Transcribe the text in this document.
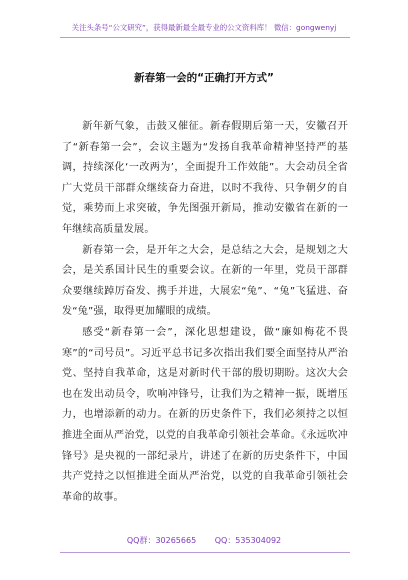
关注头条号“公文研究”，获得最新最全最专业的公文资料库！ 微信：gongwenyj
新春第一会的“正确打开方式”

新年新气象，击鼓又催征。新春假期后第一天，安徽召开了“新春第一会”，会议主题为“发扬自我革命精神坚持严的基调，持续深化‘一改两为’，全面提升工作效能”。大会动员全省广大党员干部群众继续奋力奋进，以时不我待、只争朝夕的自觉，乘势而上求突破，争先图强开新局，推动安徽省在新的一年继续高质量发展。

新春第一会，是开年之大会，是总结之大会，是规划之大会，是关系国计民生的重要会议。在新的一年里，党员干部群众要继续踔厉奋发、携手并进，大展宏“兔”、“兔”飞猛进、奋发“兔”强，取得更加耀眼的成绩。

感受“新春第一会”，深化思想建设，做“廉如梅花不畏寒”的“司号员”。习近平总书记多次指出我们要全面坚持从严治党、坚持自我革命，这是对新时代干部的殷切期盼。这次大会也在发出动员令，吹响冲锋号，让我们为之精神一振，既增压力，也增添新的动力。在新的历史条件下，我们必须持之以恒推进全面从严治党，以党的自我革命引领社会革命。《永远吹冲锋号》是央视的一部纪录片，讲述了在新的历史条件下，中国共产党持之以恒推进全面从严治党，以党的自我革命引领社会革命的故事。

QQ群：30265665 QQ：535304092
